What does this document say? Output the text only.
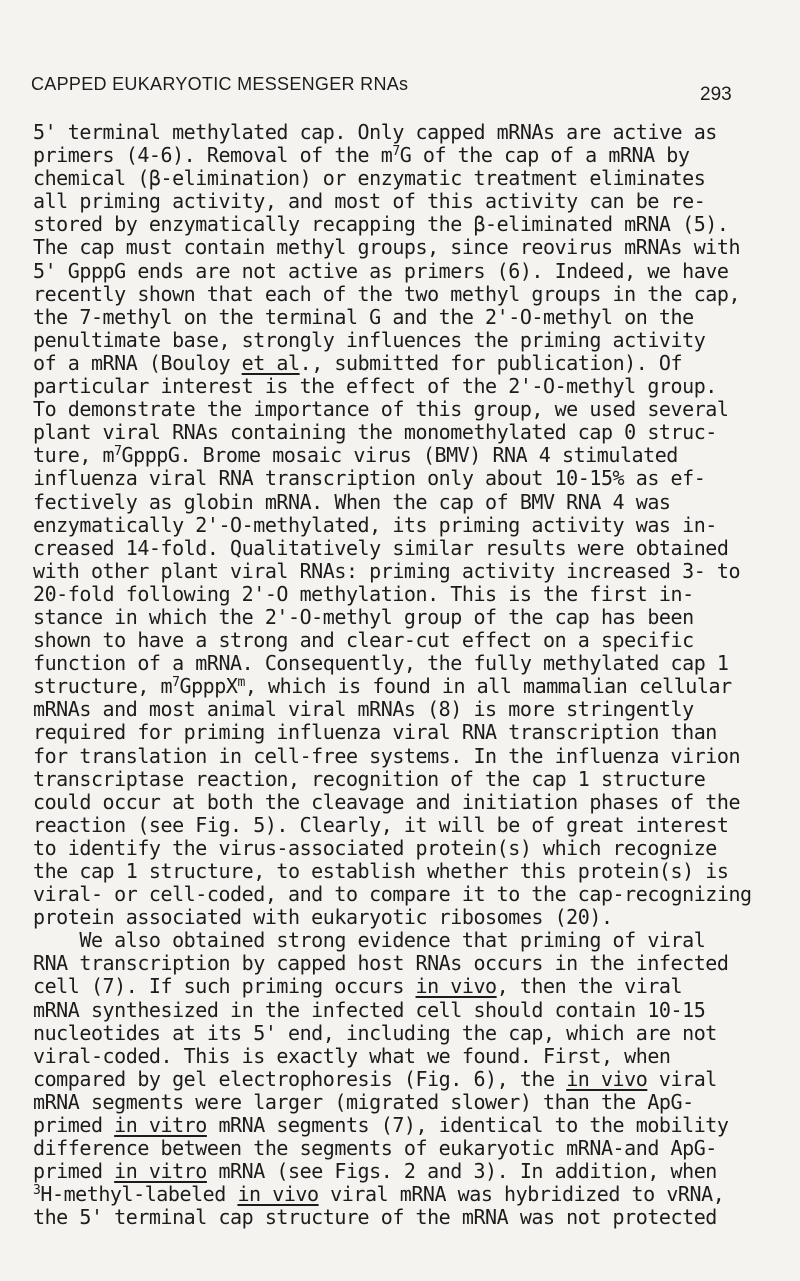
CAPPED EUKARYOTIC MESSENGER RNAs	293
5' terminal methylated cap. Only capped mRNAs are active as
primers (4-6). Removal of the $m^7G$ of the cap of a mRNA by
chemical (β-elimination) or enzymatic treatment eliminates
all priming activity, and most of this activity can be re-
stored by enzymatically recapping the β-eliminated mRNA (5).
The cap must contain methyl groups, since reovirus mRNAs with
5' GpppG ends are not active as primers (6). Indeed, we have
recently shown that each of the two methyl groups in the cap,
the 7-methyl on the terminal G and the 2'-O-methyl on the
penultimate base, strongly influences the priming activity
of a mRNA (Bouloy et al., submitted for publication). Of
particular interest is the effect of the 2'-O-methyl group.
To demonstrate the importance of this group, we used several
plant viral RNAs containing the monomethylated cap 0 struc-
ture, $m^7GpppG$. Brome mosaic virus (BMV) RNA 4 stimulated
influenza viral RNA transcription only about 10-15% as ef-
fectively as globin mRNA. When the cap of BMV RNA 4 was
enzymatically 2'-O-methylated, its priming activity was in-
creased 14-fold. Qualitatively similar results were obtained
with other plant viral RNAs: priming activity increased 3- to
20-fold following 2'-O methylation. This is the first in-
stance in which the 2'-O-methyl group of the cap has been
shown to have a strong and clear-cut effect on a specific
function of a mRNA. Consequently, the fully methylated cap 1
structure, $m^7GpppX^m$, which is found in all mammalian cellular
mRNAs and most animal viral mRNAs (8) is more stringently
required for priming influenza viral RNA transcription than
for translation in cell-free systems. In the influenza virion
transcriptase reaction, recognition of the cap 1 structure
could occur at both the cleavage and initiation phases of the
reaction (see Fig. 5). Clearly, it will be of great interest
to identify the virus-associated protein(s) which recognize
the cap 1 structure, to establish whether this protein(s) is
viral- or cell-coded, and to compare it to the cap-recognizing
protein associated with eukaryotic ribosomes (20).
We also obtained strong evidence that priming of viral
RNA transcription by capped host RNAs occurs in the infected
cell (7). If such priming occurs in vivo, then the viral
mRNA synthesized in the infected cell should contain 10-15
nucleotides at its 5' end, including the cap, which are not
viral-coded. This is exactly what we found. First, when
compared by gel electrophoresis (Fig. 6), the in vivo viral
mRNA segments were larger (migrated slower) than the ApG-
primed in vitro mRNA segments (7), identical to the mobility
difference between the segments of eukaryotic mRNA-and ApG-
primed in vitro mRNA (see Figs. 2 and 3). In addition, when
$^3$H-methyl-labeled in vivo viral mRNA was hybridized to vRNA,
the 5' terminal cap structure of the mRNA was not protected
